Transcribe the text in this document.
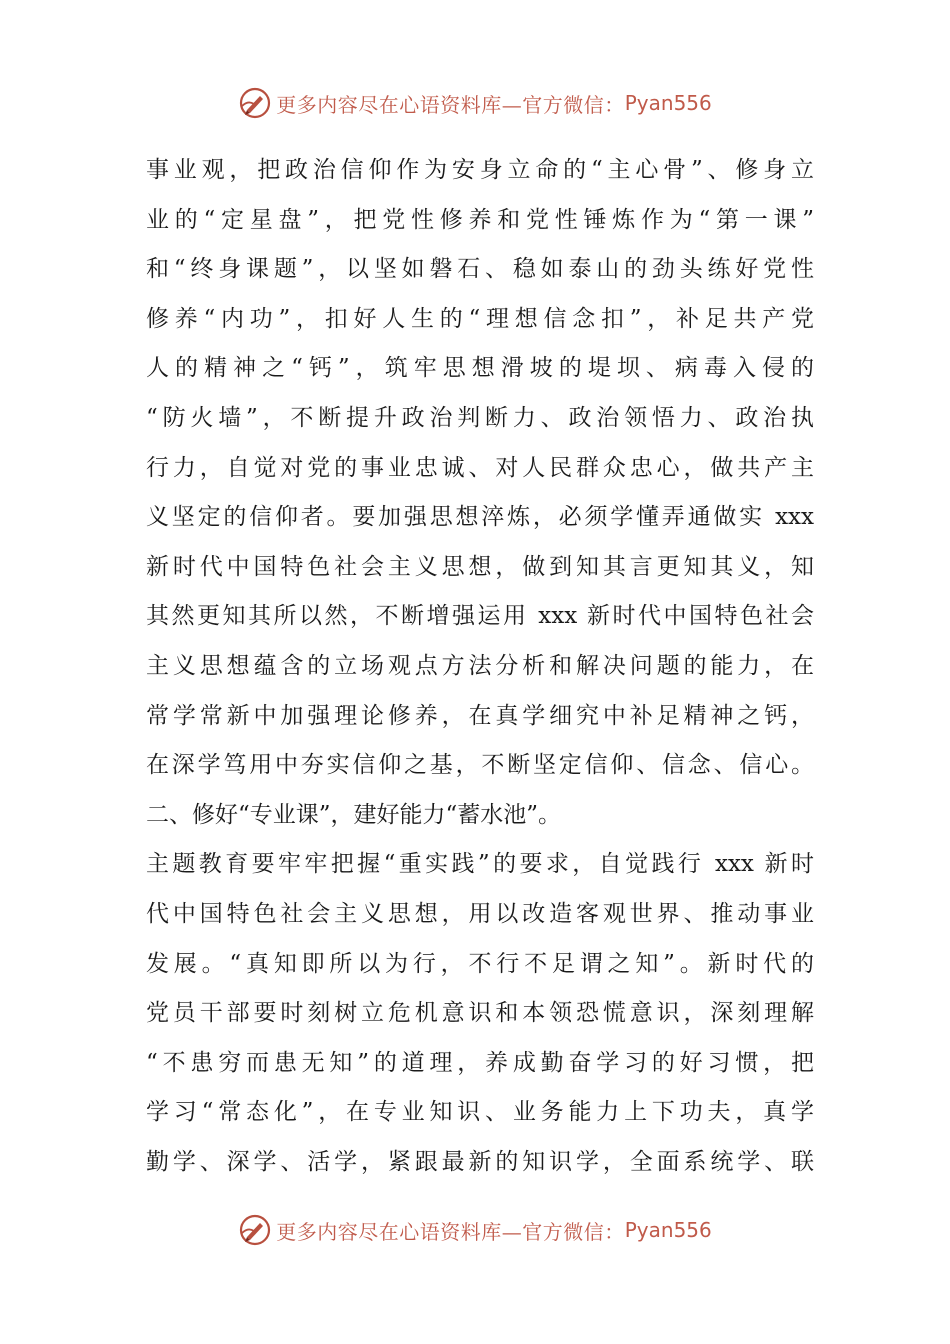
更多内容尽在心语资料库—官方微信： Pyan556
事业观，把政治信仰作为安身立命的“主心骨”、修身立
业的“定星盘”，把党性修养和党性锤炼作为“第一课”
和“终身课题”，以坚如磐石、稳如泰山的劲头练好党性
修养“内功”，扣好人生的“理想信念扣”，补足共产党
人的精神之“钙”，筑牢思想滑坡的堤坝、病毒入侵的
“防火墙”，不断提升政治判断力、政治领悟力、政治执
行力，自觉对党的事业忠诚、对人民群众忠心，做共产主
义坚定的信仰者。要加强思想淬炼，必须学懂弄通做实 xxx
新时代中国特色社会主义思想，做到知其言更知其义，知
其然更知其所以然，不断增强运用 xxx 新时代中国特色社会
主义思想蕴含的立场观点方法分析和解决问题的能力，在
常学常新中加强理论修养，在真学细究中补足精神之钙，
在深学笃用中夯实信仰之基，不断坚定信仰、信念、信心。
二、修好“专业课”，建好能力“蓄水池”。
主题教育要牢牢把握“重实践”的要求，自觉践行 xxx 新时
代中国特色社会主义思想，用以改造客观世界、推动事业
发展。“真知即所以为行，不行不足谓之知”。新时代的
党员干部要时刻树立危机意识和本领恐慌意识，深刻理解
“不患穷而患无知”的道理，养成勤奋学习的好习惯，把
学习“常态化”，在专业知识、业务能力上下功夫，真学
勤学、深学、活学，紧跟最新的知识学，全面系统学、联
更多内容尽在心语资料库—官方微信： Pyan556
